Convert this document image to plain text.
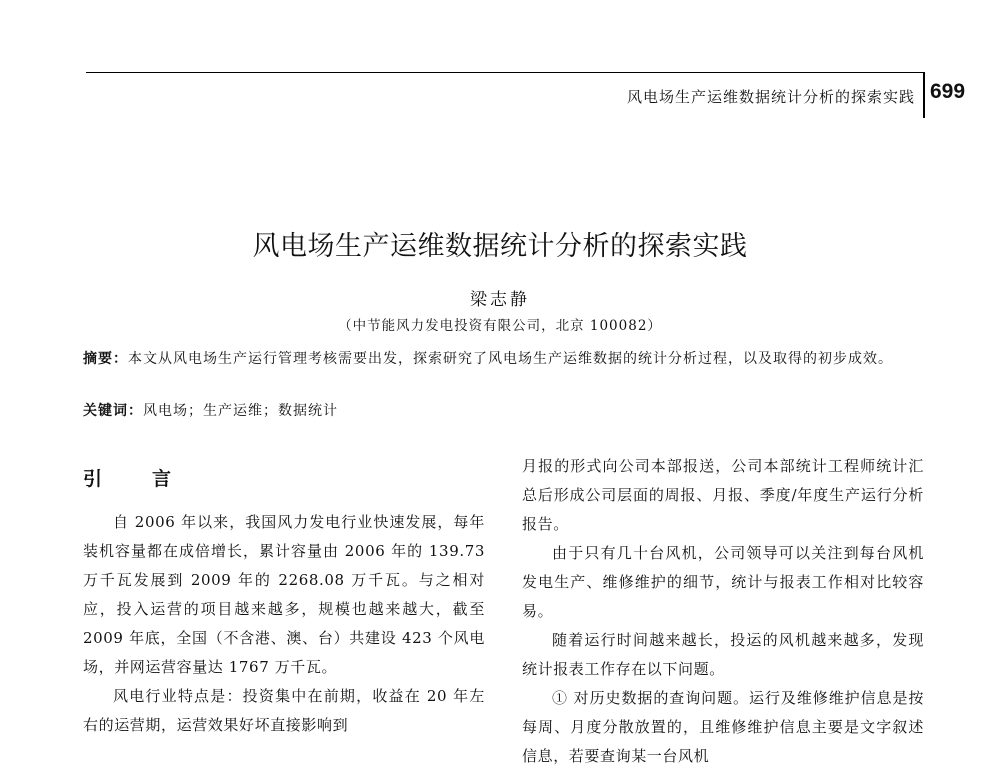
风电场生产运维数据统计分析的探索实践 699
风电场生产运维数据统计分析的探索实践
梁志静
（中节能风力发电投资有限公司，北京 100082）
摘要：本文从风电场生产运行管理考核需要出发，探索研究了风电场生产运维数据的统计分析过程，以及取得的初步成效。
关键词：风电场；生产运维；数据统计
引	言

自 2006 年以来，我国风力发电行业快速发展，每年装机容量都在成倍增长，累计容量由 2006 年的 139.73 万千瓦发展到 2009 年的 2268.08 万千瓦。与之相对应，投入运营的项目越来越多，规模也越来越大，截至 2009 年底，全国（不含港、澳、台）共建设 423 个风电场，并网运营容量达 1767 万千瓦。

风电行业特点是：投资集中在前期，收益在 20 年左右的运营期，运营效果好坏直接影响到

月报的形式向公司本部报送，公司本部统计工程师统计汇总后形成公司层面的周报、月报、季度/年度生产运行分析报告。

由于只有几十台风机，公司领导可以关注到每台风机发电生产、维修维护的细节，统计与报表工作相对比较容易。

随着运行时间越来越长，投运的风机越来越多，发现统计报表工作存在以下问题。

① 对历史数据的查询问题。运行及维修维护信息是按每周、月度分散放置的，且维修维护信息主要是文字叙述信息，若要查询某一台风机
